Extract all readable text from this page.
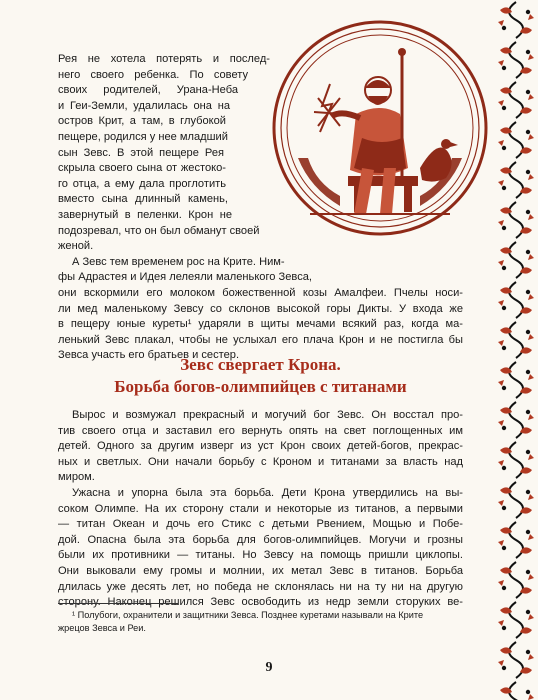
Рея не хотела потерять и послед-
него своего ребенка. По совету
своих родителей, Урана-Неба
и Геи-Земли, удалилась она на
остров Крит, а там, в глубокой
пещере, родился у нее младший
сын Зевс. В этой пещере Рея
скрыла своего сына от жестоко-
го отца, а ему дала проглотить
вместо сына длинный камень,
завернутый в пеленки. Крон не
подозревал, что он был обманут своей
женой.
А Зевс тем временем рос на Крите. Ним-
фы Адрастея и Идея лелеяли маленького Зевса,
они вскормили его молоком божественной козы Амалфеи. Пчелы носи-
ли мед маленькому Зевсу со склонов высокой горы Дикты. У входа же
в пещеру юные куреты¹ ударяли в щиты мечами всякий раз, когда ма-
ленький Зевс плакал, чтобы не услыхал его плача Крон и не постигла бы
Зевса участь его братьев и сестер.
Зевс свергает Крона.
Борьба богов-олимпийцев с титанами
Вырос и возмужал прекрасный и могучий бог Зевс. Он восстал про-
тив своего отца и заставил его вернуть опять на свет поглощенных им
детей. Одного за другим изверг из уст Крон своих детей-богов, прекрас-
ных и светлых. Они начали борьбу с Кроном и титанами за власть над
миром.
Ужасна и упорна была эта борьба. Дети Крона утвердились на вы-
соком Олимпе. На их сторону стали и некоторые из титанов, а первыми
— титан Океан и дочь его Стикс с детьми Рвением, Мощью и Побе-
дой. Опасна была эта борьба для богов-олимпийцев. Могучи и грозны
были их противники — титаны. Но Зевсу на помощь пришли циклопы.
Они выковали ему громы и молнии, их метал Зевс в титанов. Борьба
длилась уже десять лет, но победа не склонялась ни на ту ни на другую
сторону. Наконец решился Зевс освободить из недр земли сторуких ве-
¹ Полубоги, охранители и защитники Зевса. Позднее куретами называли на Крите
жрецов Зевса и Реи.
9
